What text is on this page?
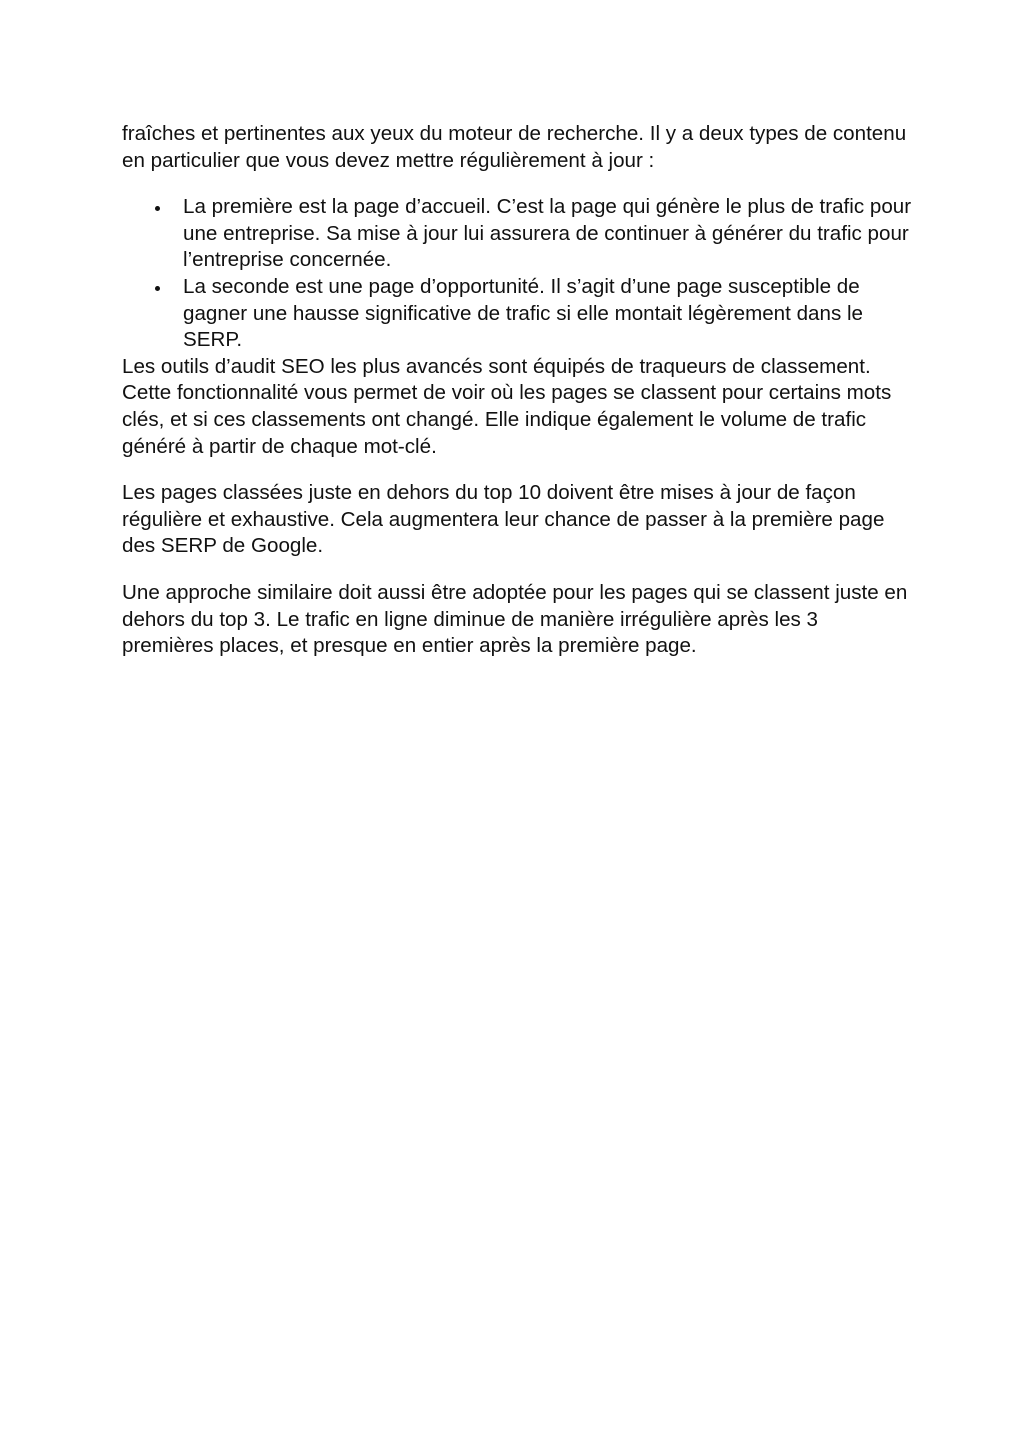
fraîches et pertinentes aux yeux du moteur de recherche. Il y a deux types de contenu en particulier que vous devez mettre régulièrement à jour :

La première est la page d’accueil. C’est la page qui génère le plus de trafic pour une entreprise. Sa mise à jour lui assurera de continuer à générer du trafic pour l’entreprise concernée.
La seconde est une page d’opportunité. Il s’agit d’une page susceptible de gagner une hausse significative de trafic si elle montait légèrement dans le SERP.

Les outils d’audit SEO les plus avancés sont équipés de traqueurs de classement. Cette fonctionnalité vous permet de voir où les pages se classent pour certains mots clés, et si ces classements ont changé. Elle indique également le volume de trafic généré à partir de chaque mot-clé.

Les pages classées juste en dehors du top 10 doivent être mises à jour de façon régulière et exhaustive. Cela augmentera leur chance de passer à la première page des SERP de Google.

Une approche similaire doit aussi être adoptée pour les pages qui se classent juste en dehors du top 3. Le trafic en ligne diminue de manière irrégulière après les 3 premières places, et presque en entier après la première page.
